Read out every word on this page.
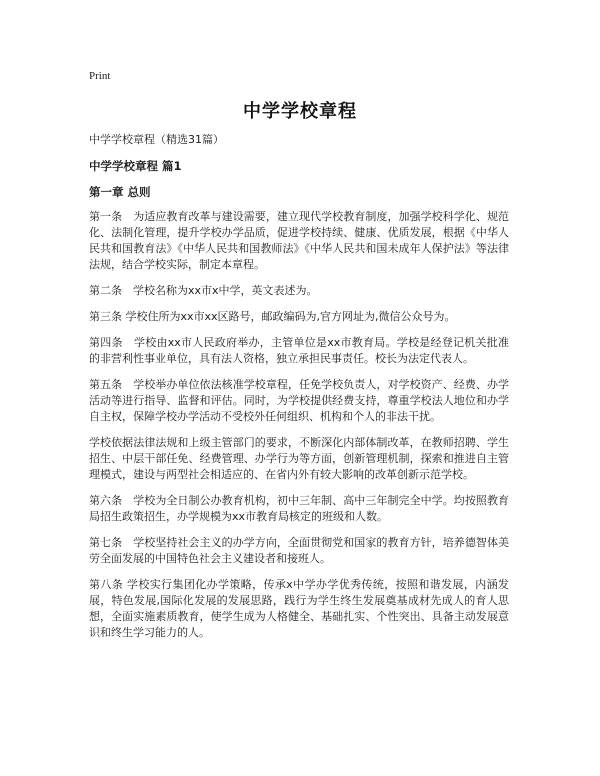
Print
中学学校章程
中学学校章程（精选31篇）
中学学校章程 篇1
第一章 总则
第一条　为适应教育改革与建设需要，建立现代学校教育制度，加强学校科学化、规范化、法制化管理，提升学校办学品质，促进学校持续、健康、优质发展，根据《中华人民共和国教育法》《中华人民共和国教师法》《中华人民共和国未成年人保护法》等法律法规，结合学校实际，制定本章程。
第二条　学校名称为xx市x中学，英文表述为。
第三条 学校住所为xx市xx区路号，邮政编码为,官方网址为,微信公众号为。
第四条　学校由xx市人民政府举办，主管单位是xx市教育局。学校是经登记机关批准的非营利性事业单位，具有法人资格，独立承担民事责任。校长为法定代表人。
第五条　学校举办单位依法核准学校章程，任免学校负责人，对学校资产、经费、办学活动等进行指导、监督和评估。同时，为学校提供经费支持，尊重学校法人地位和办学自主权，保障学校办学活动不受校外任何组织、机构和个人的非法干扰。
学校依据法律法规和上级主管部门的要求，不断深化内部体制改革，在教师招聘、学生招生、中层干部任免、经费管理、办学行为等方面，创新管理机制，探索和推进自主管理模式，建设与两型社会相适应的、在省内外有较大影响的改革创新示范学校。
第六条　学校为全日制公办教育机构，初中三年制、高中三年制完全中学。均按照教育局招生政策招生，办学规模为xx市教育局核定的班级和人数。
第七条　学校坚持社会主义的办学方向，全面贯彻党和国家的教育方针，培养德智体美劳全面发展的中国特色社会主义建设者和接班人。
第八条 学校实行集团化办学策略，传承x中学办学优秀传统，按照和谐发展，内涵发展，特色发展,国际化发展的发展思路，践行为学生终生发展奠基成材先成人的育人思想，全面实施素质教育，使学生成为人格健全、基础扎实、个性突出、具备主动发展意识和终生学习能力的人。
